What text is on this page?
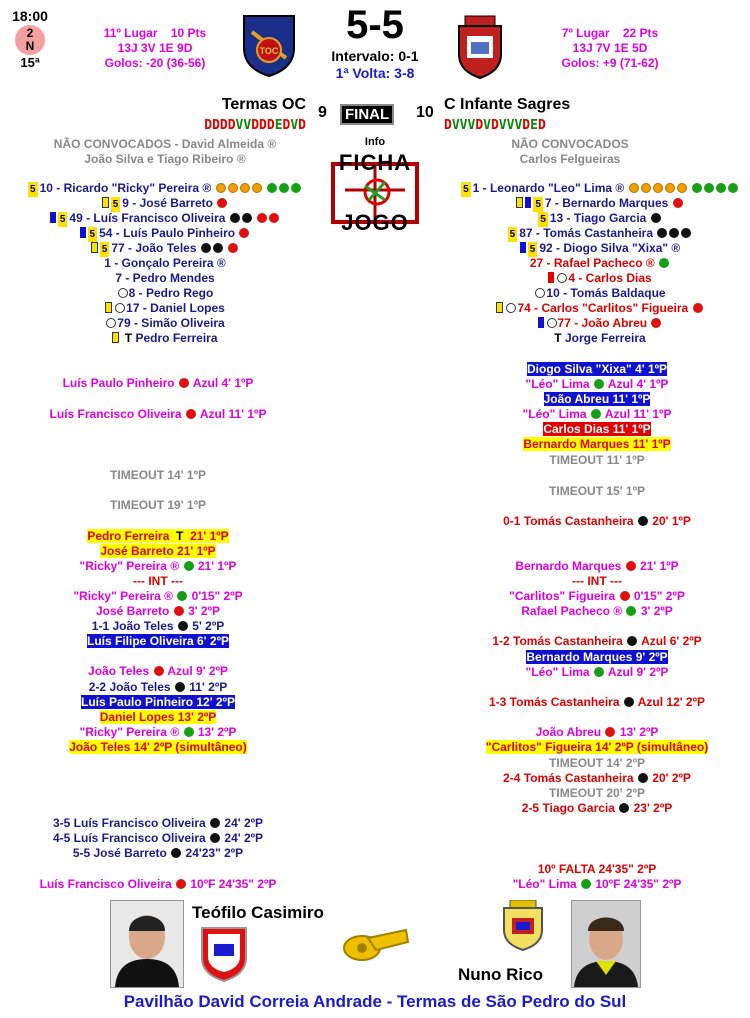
18:00
2
N
15ª
11º Lugar 10 Pts
13J 3V 1E 9D
Golos: -20 (36-56)
TOC
5-5
Intervalo: 0-1
1ª Volta: 3-8
7º Lugar 22 Pts
13J 7V 1E 5D
Golos: +9 (71-62)
Termas OC 9	FINAL	10 C Infante Sagres
DDDDVVDDDEDVD	DVVVDVDVVVDED
NÃO CONVOCADOS - David Almeida ®
João Silva e Tiago Ribeiro ®
NÃO CONVOCADOS
Carlos Felgueiras
Info
FICHA
JOGO
5 10 - Ricardo "Ricky" Pereira ®
5 9 - José Barreto
5 49 - Luís Francisco Oliveira
5 54 - Luís Paulo Pinheiro
5 77 - João Teles
1 - Gonçalo Pereira ®
7 - Pedro Mendes
8 - Pedro Rego
17 - Daniel Lopes
79 - Simão Oliveira
T Pedro Ferreira
5 1 - Leonardo "Leo" Lima ®
5 7 - Bernardo Marques
5 13 - Tiago Garcia
5 87 - Tomás Castanheira
5 92 - Diogo Silva "Xixa" ®
27 - Rafael Pacheco ®
4 - Carlos Dias
10 - Tomás Baldaque
74 - Carlos "Carlitos" Figueira
77 - João Abreu
T Jorge Ferreira
Luís Paulo Pinheiro Azul 4' 1ºP
Luís Francisco Oliveira Azul 11' 1ºP
TIMEOUT 14' 1ºP
TIMEOUT 19' 1ºP
Pedro Ferreira T 21' 1ºP
José Barreto 21' 1ºP
"Ricky" Pereira ® 21' 1ºP
--- INT ---
"Ricky" Pereira ® 0'15" 2ºP
José Barreto 3' 2ºP
1-1 João Teles 5' 2ºP
Luís Filipe Oliveira 6' 2ºP
João Teles Azul 9' 2ºP
2-2 João Teles 11' 2ºP
Luís Paulo Pinheiro 12' 2ºP
Daniel Lopes 13' 2ºP
"Ricky" Pereira ® 13' 2ºP
João Teles 14' 2ºP (simultâneo)
3-5 Luís Francisco Oliveira 24' 2ºP
4-5 Luís Francisco Oliveira 24' 2ºP
5-5 José Barreto 24'23" 2ºP
Luís Francisco Oliveira 10ºF 24'35" 2ºP
Diogo Silva "Xixa" 4' 1ºP
"Léo" Lima Azul 4' 1ºP
João Abreu 11' 1ºP
"Léo" Lima Azul 11' 1ºP
Carlos Dias 11' 1ºP
Bernardo Marques 11' 1ºP
TIMEOUT 11' 1ºP
TIMEOUT 15' 1ºP
0-1 Tomás Castanheira 20' 1ºP
Bernardo Marques 21' 1ºP
--- INT ---
"Carlitos" Figueira 0'15" 2ºP
Rafael Pacheco ® 3' 2ºP
1-2 Tomás Castanheira Azul 6' 2ºP
Bernardo Marques 9' 2ºP
"Léo" Lima Azul 9' 2ºP
1-3 Tomás Castanheira Azul 12' 2ºP
João Abreu 13' 2ºP
"Carlitos" Figueira 14' 2ºP (simultâneo)
TIMEOUT 14' 2ºP
2-4 Tomás Castanheira 20' 2ºP
TIMEOUT 20' 2ºP
2-5 Tiago Garcia 23' 2ºP
10º FALTA 24'35" 2ºP
"Léo" Lima 10ºF 24'35" 2ºP
Teófilo Casimiro
Nuno Rico
Pavilhão David Correia Andrade - Termas de São Pedro do Sul
